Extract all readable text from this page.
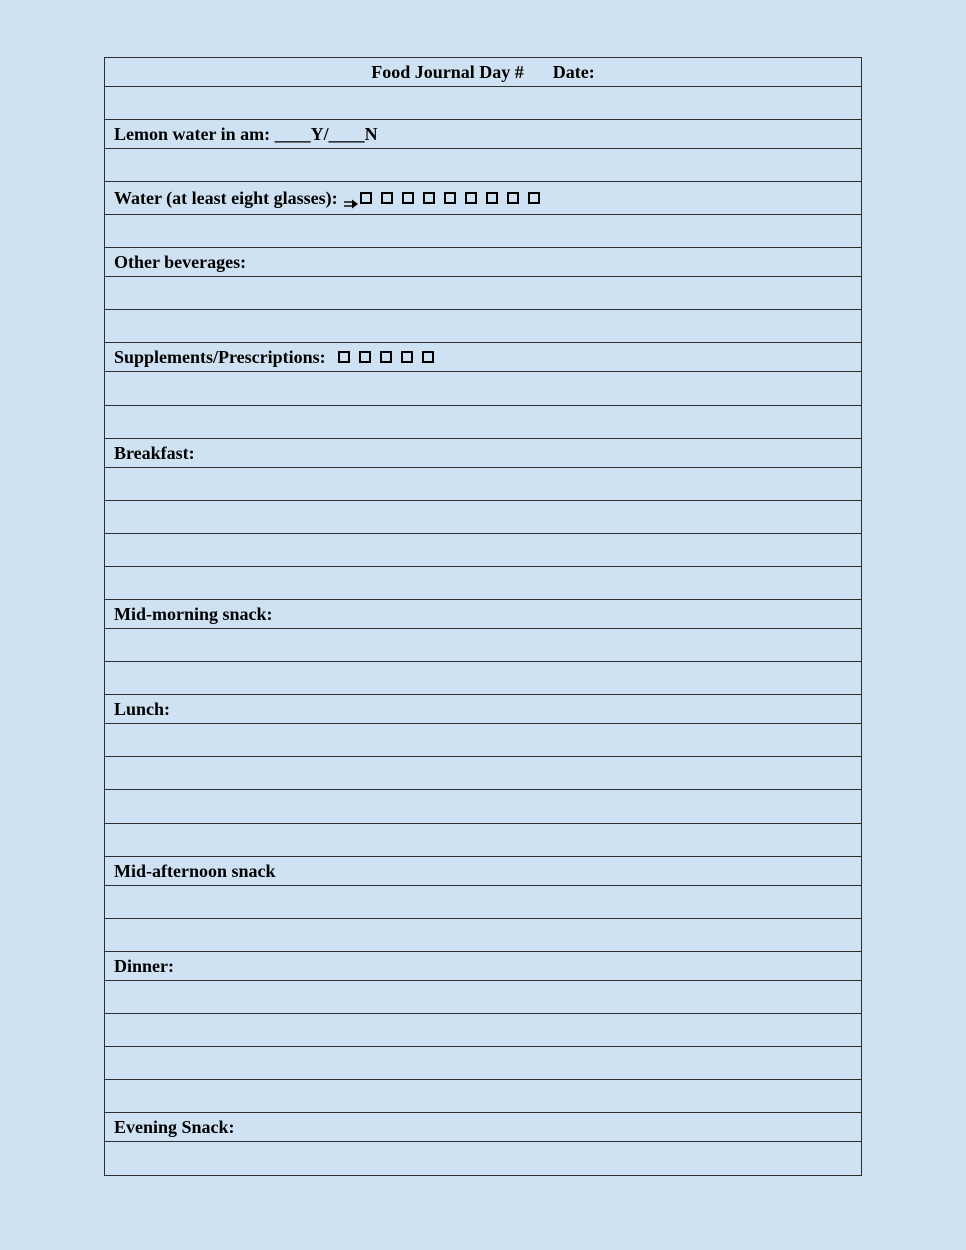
Food Journal Day # Date:
Lemon water in am:
____Y/____N
Water (at least eight glasses):
Other beverages:
Supplements/Prescriptions:
Breakfast:
Mid-morning snack:
Lunch:
Mid-afternoon snack
Dinner:
Evening Snack:
